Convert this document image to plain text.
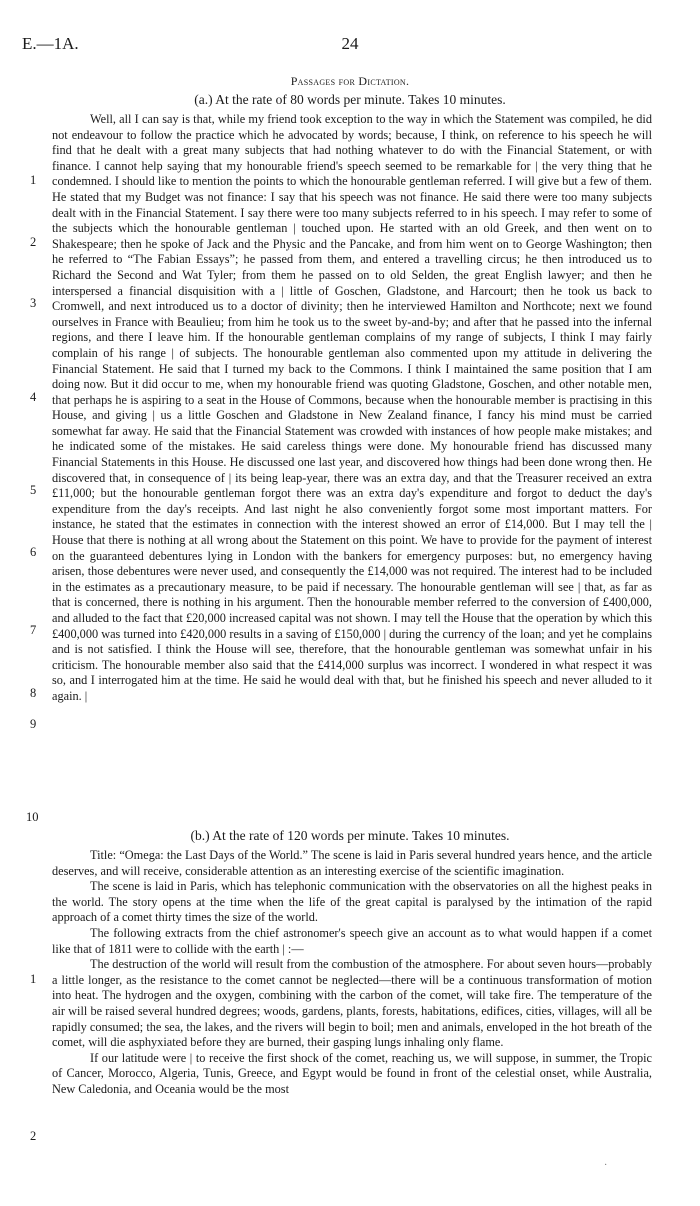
E.—1A.	24
Passages for Dictation.
(a.) At the rate of 80 words per minute. Takes 10 minutes.

Well, all I can say is that, while my friend took exception to the way in which the Statement was compiled, he did not endeavour to follow the practice which he advocated by words; because, I think, on reference to his speech he will find that he dealt with a great many subjects that had nothing whatever to do with the Financial Statement, or with finance. I cannot help saying that my honourable friend's speech seemed to be remarkable for | the very thing that he condemned. I should like to mention the points to which the honourable gentleman referred. I will give but a few of them. He stated that my Budget was not finance: I say that his speech was not finance. He said there were too many subjects dealt with in the Financial Statement. I say there were too many subjects referred to in his speech. I may refer to some of the subjects which the honourable gentleman | touched upon. He started with an old Greek, and then went on to Shakespeare; then he spoke of Jack and the Physic and the Pancake, and from him went on to George Washington; then he referred to “The Fabian Essays”; he passed from them, and entered a travelling circus; he then introduced us to Richard the Second and Wat Tyler; from them he passed on to old Selden, the great English lawyer; and then he interspersed a financial disquisition with a | little of Goschen, Gladstone, and Harcourt; then he took us back to Cromwell, and next introduced us to a doctor of divinity; then he interviewed Hamilton and Northcote; next we found ourselves in France with Beaulieu; from him he took us to the sweet by-and-by; and after that he passed into the infernal regions, and there I leave him. If the honourable gentleman complains of my range of subjects, I think I may fairly complain of his range | of subjects. The honourable gentleman also commented upon my attitude in delivering the Financial Statement. He said that I turned my back to the Commons. I think I maintained the same position that I am doing now. But it did occur to me, when my honourable friend was quoting Gladstone, Goschen, and other notable men, that perhaps he is aspiring to a seat in the House of Commons, because when the honourable member is practising in this House, and giving | us a little Goschen and Gladstone in New Zealand finance, I fancy his mind must be carried somewhat far away. He said that the Financial Statement was crowded with instances of how people make mistakes; and he indicated some of the mistakes. He said careless things were done. My honourable friend has discussed many Financial Statements in this House. He discussed one last year, and discovered how things had been done wrong then. He discovered that, in consequence of | its being leap-year, there was an extra day, and that the Treasurer received an extra £11,000; but the honourable gentleman forgot there was an extra day's expenditure and forgot to deduct the day's expenditure from the day's receipts. And last night he also conveniently forgot some most important matters. For instance, he stated that the estimates in connection with the interest showed an error of £14,000. But I may tell the | House that there is nothing at all wrong about the Statement on this point. We have to provide for the payment of interest on the guaranteed debentures lying in London with the bankers for emergency purposes: but, no emergency having arisen, those debentures were never used, and consequently the £14,000 was not required. The interest had to be included in the estimates as a precautionary measure, to be paid if necessary. The honourable gentleman will see | that, as far as that is concerned, there is nothing in his argument. Then the honourable member referred to the conversion of £400,000, and alluded to the fact that £20,000 increased capital was not shown. I may tell the House that the operation by which this £400,000 was turned into £420,000 results in a saving of £150,000 | during the currency of the loan; and yet he complains and is not satisfied. I think the House will see, therefore, that the honourable gentleman was somewhat unfair in his criticism. The honourable member also said that the £414,000 surplus was incorrect. I wondered in what respect it was so, and I interrogated him at the time. He said he would deal with that, but he finished his speech and never alluded to it again. |

1
2
3
4
5
6
7
8
9
10
(b.) At the rate of 120 words per minute. Takes 10 minutes.

Title: “Omega: the Last Days of the World.” The scene is laid in Paris several hundred years hence, and the article deserves, and will receive, considerable attention as an interesting exercise of the scientific imagination.

The scene is laid in Paris, which has telephonic communication with the observatories on all the highest peaks in the world. The story opens at the time when the life of the great capital is paralysed by the intimation of the rapid approach of a comet thirty times the size of the world.

The following extracts from the chief astronomer's speech give an account as to what would happen if a comet like that of 1811 were to collide with the earth | :—

The destruction of the world will result from the combustion of the atmosphere. For about seven hours—probably a little longer, as the resistance to the comet cannot be neglected—there will be a continuous transformation of motion into heat. The hydrogen and the oxygen, combining with the carbon of the comet, will take fire. The temperature of the air will be raised several hundred degrees; woods, gardens, plants, forests, habitations, edifices, cities, villages, will all be rapidly consumed; the sea, the lakes, and the rivers will begin to boil; men and animals, enveloped in the hot breath of the comet, will die asphyxiated before they are burned, their gasping lungs inhaling only flame.

If our latitude were | to receive the first shock of the comet, reaching us, we will suppose, in summer, the Tropic of Cancer, Morocco, Algeria, Tunis, Greece, and Egypt would be found in front of the celestial onset, while Australia, New Caledonia, and Oceania would be the most

1
2
·
